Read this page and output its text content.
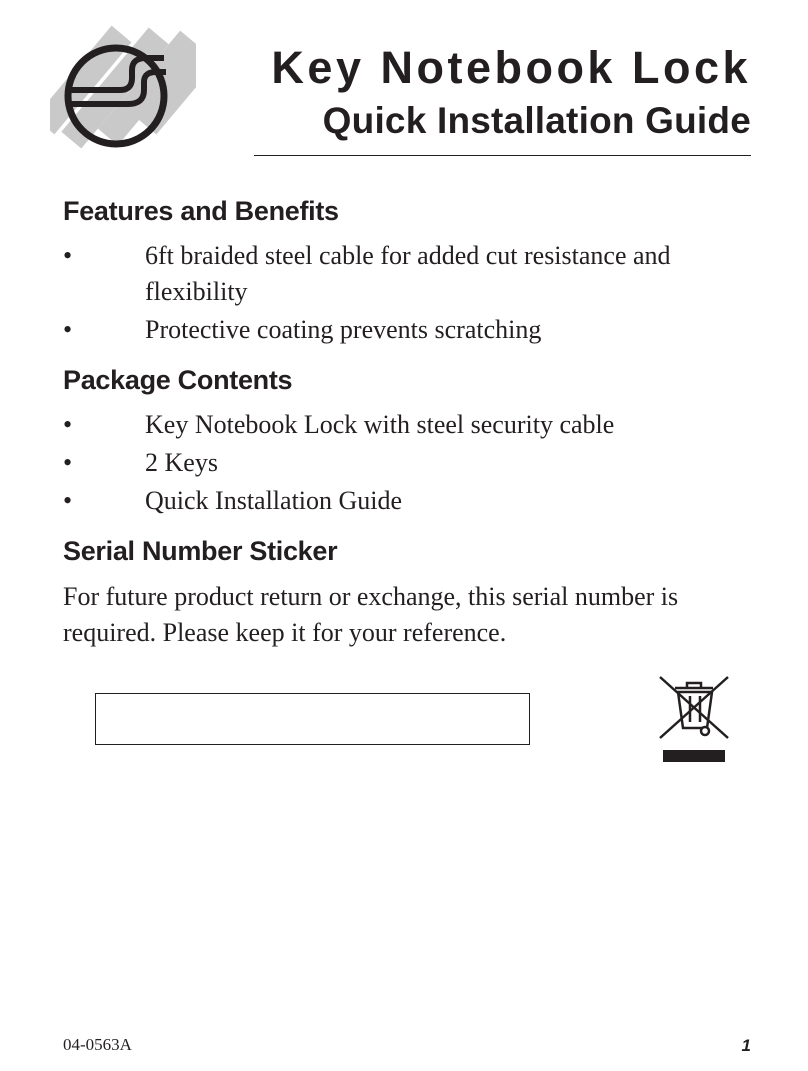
Key Notebook Lock
Quick Installation Guide
Features and Benefits
•	6ft braided steel cable for added cut resistance and flexibility
•	Protective coating prevents scratching
Package Contents
•	Key Notebook Lock with steel security cable
•	2 Keys
•	Quick Installation Guide
Serial Number Sticker

For future product return or exchange, this serial number is required. Please keep it for your reference.

04-0563A	1
